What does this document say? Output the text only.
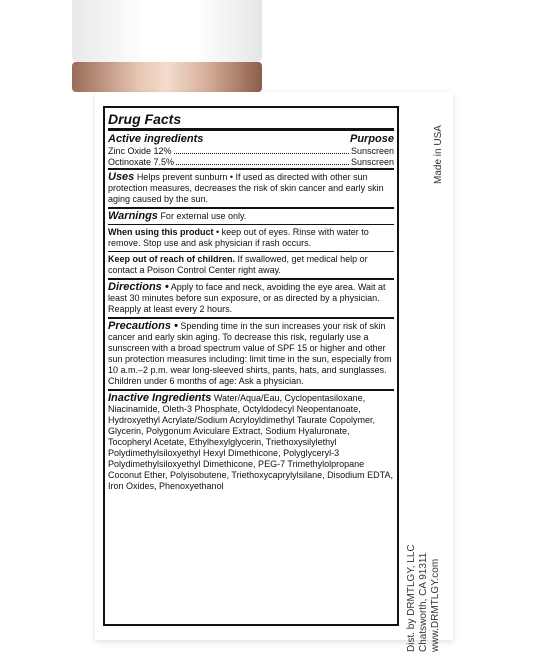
Made in USA
Dist. by DRMTLGY, LLC Chatsworth, CA 91311 www.DRMTLGY.com
Drug Facts
Active ingredients	Purpose
Zinc Oxide 12%	Sunscreen
Octinoxate 7.5%	Sunscreen
Uses Helps prevent sunburn • If used as directed with other sun protection measures, decreases the risk of skin cancer and early skin aging caused by the sun.
Warnings For external use only.
When using this product • keep out of eyes. Rinse with water to remove. Stop use and ask physician if rash occurs.
Keep out of reach of children. If swallowed, get medical help or contact a Poison Control Center right away.
Directions • Apply to face and neck, avoiding the eye area. Wait at least 30 minutes before sun exposure, or as directed by a physician. Reapply at least every 2 hours.
Precautions • Spending time in the sun increases your risk of skin cancer and early skin aging. To decrease this risk, regularly use a sunscreen with a broad spectrum value of SPF 15 or higher and other sun protection measures including: limit time in the sun, especially from 10 a.m.–2 p.m. wear long-sleeved shirts, pants, hats, and sunglasses. Children under 6 months of age: Ask a physician.
Inactive Ingredients Water/Aqua/Eau, Cyclopentasiloxane, Niacinamide, Oleth-3 Phosphate, Octyldodecyl Neopentanoate, Hydroxyethyl Acrylate/Sodium Acryloyldimethyl Taurate Copolymer, Glycerin, Polygonum Aviculare Extract, Sodium Hyaluronate, Tocopheryl Acetate, Ethylhexylglycerin, Triethoxysilylethyl Polydimethylsiloxyethyl Hexyl Dimethicone, Polyglyceryl-3 Polydimethylsiloxyethyl Dimethicone, PEG-7 Trimethylolpropane Coconut Ether, Polyisobutene, Triethoxycaprylylsilane, Disodium EDTA, Iron Oxides, Phenoxyethanol
